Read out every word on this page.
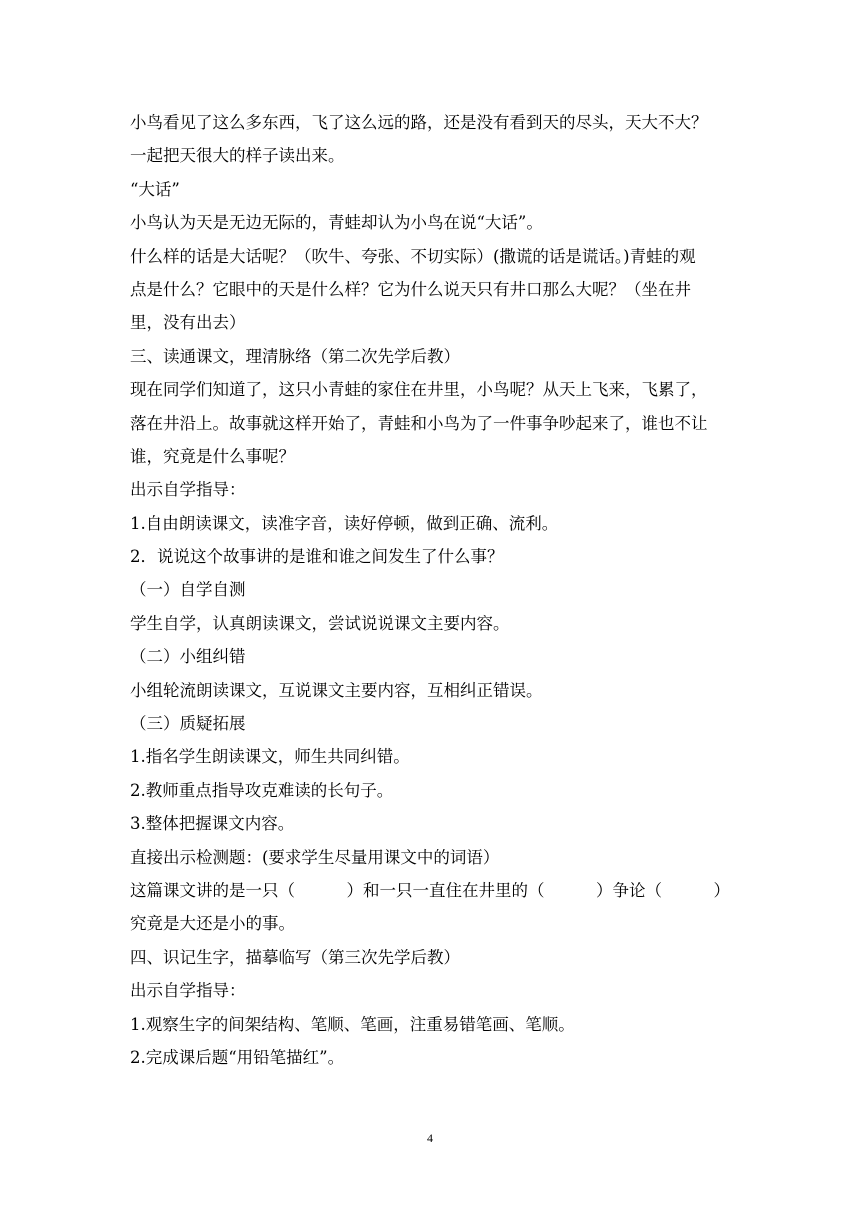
小鸟看见了这么多东西，飞了这么远的路，还是没有看到天的尽头，天大不大？
一起把天很大的样子读出来。
“大话”
小鸟认为天是无边无际的，青蛙却认为小鸟在说“大话”。
什么样的话是大话呢？（吹牛、夸张、不切实际）(撒谎的话是谎话。)青蛙的观
点是什么？它眼中的天是什么样？它为什么说天只有井口那么大呢？（坐在井
里，没有出去）
三、读通课文，理清脉络（第二次先学后教）
现在同学们知道了，这只小青蛙的家住在井里，小鸟呢？从天上飞来，飞累了，
落在井沿上。故事就这样开始了，青蛙和小鸟为了一件事争吵起来了，谁也不让
谁，究竟是什么事呢？
出示自学指导：
1.自由朗读课文，读准字音，读好停顿，做到正确、流利。
2．说说这个故事讲的是谁和谁之间发生了什么事？
（一）自学自测
学生自学，认真朗读课文，尝试说说课文主要内容。
（二）小组纠错
小组轮流朗读课文，互说课文主要内容，互相纠正错误。
（三）质疑拓展
1.指名学生朗读课文，师生共同纠错。
2.教师重点指导攻克难读的长句子。
3.整体把握课文内容。
直接出示检测题：(要求学生尽量用课文中的词语）
这篇课文讲的是一只（	）和一只一直住在井里的（	）争论（	）
究竟是大还是小的事。
四、识记生字，描摹临写（第三次先学后教）
出示自学指导：
1.观察生字的间架结构、笔顺、笔画，注重易错笔画、笔顺。
2.完成课后题“用铅笔描红”。
4
